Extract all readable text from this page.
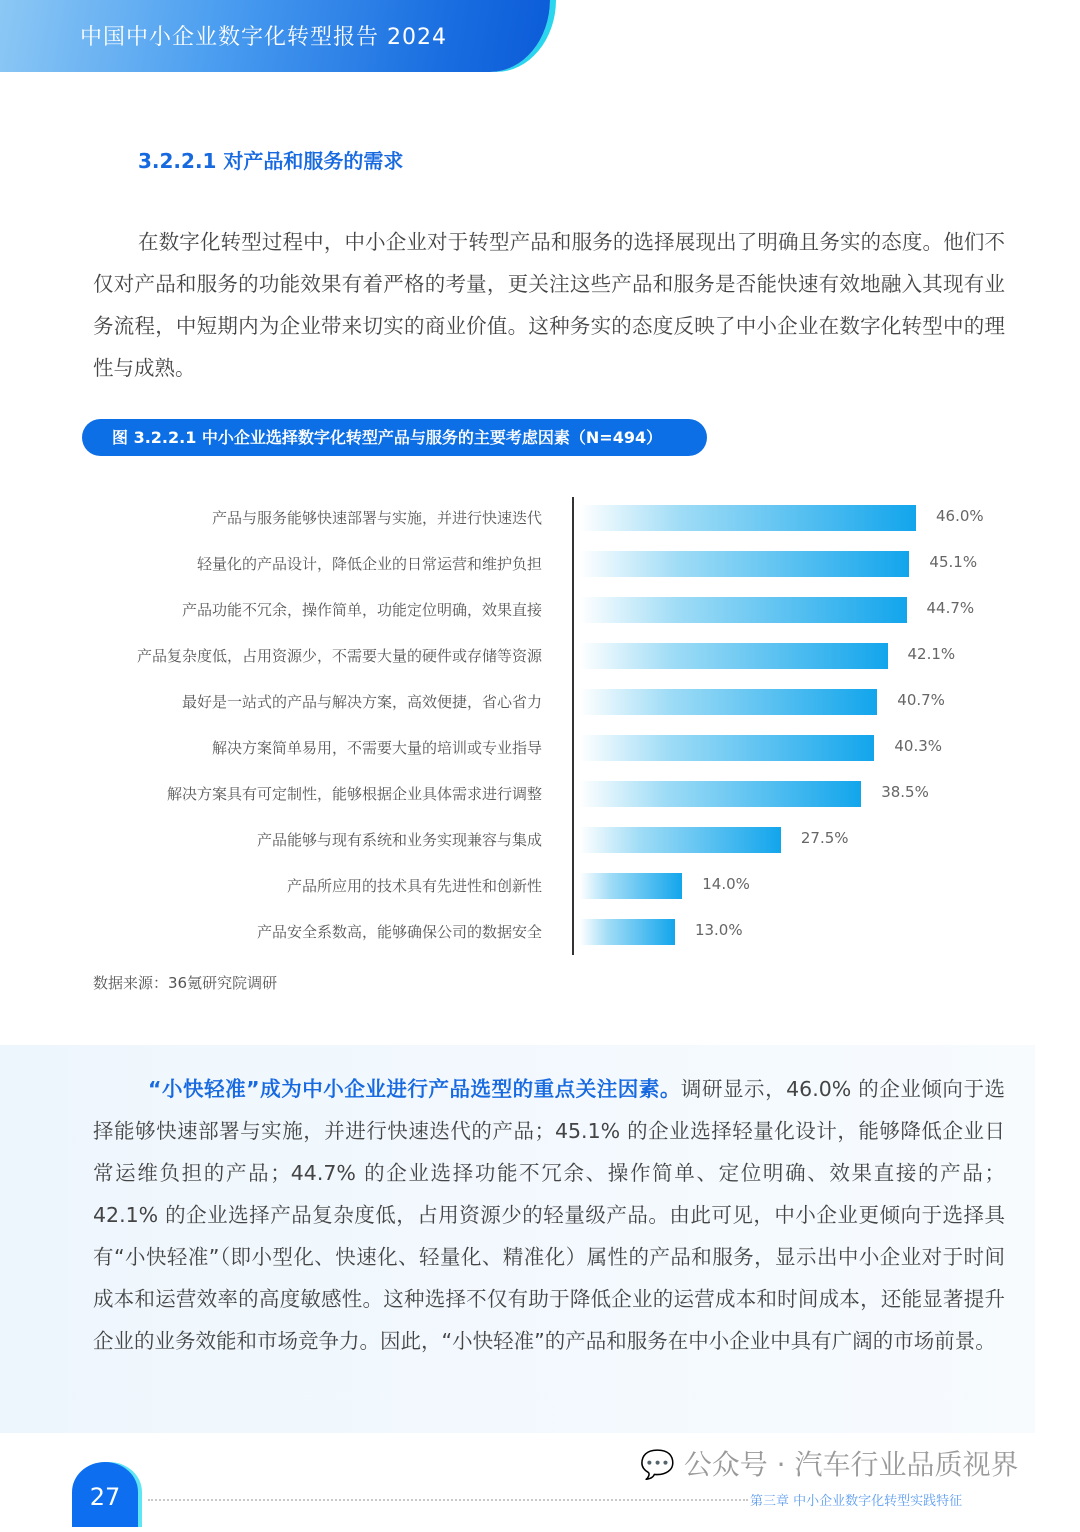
中国中小企业数字化转型报告 2024
3.2.2.1 对产品和服务的需求
在数字化转型过程中，中小企业对于转型产品和服务的选择展现出了明确且务实的态度。他们不仅对产品和服务的功能效果有着严格的考量，更关注这些产品和服务是否能快速有效地融入其现有业务流程，中短期内为企业带来切实的商业价值。这种务实的态度反映了中小企业在数字化转型中的理性与成熟。
图 3.2.2.1 中小企业选择数字化转型产品与服务的主要考虑因素（N=494）
产品与服务能够快速部署与实施，并进行快速迭代	46.0%
轻量化的产品设计，降低企业的日常运营和维护负担	45.1%
产品功能不冗余，操作简单，功能定位明确，效果直接	44.7%
产品复杂度低，占用资源少，不需要大量的硬件或存储等资源	42.1%
最好是一站式的产品与解决方案，高效便捷，省心省力	40.7%
解决方案简单易用，不需要大量的培训或专业指导	40.3%
解决方案具有可定制性，能够根据企业具体需求进行调整	38.5%
产品能够与现有系统和业务实现兼容与集成	27.5%
产品所应用的技术具有先进性和创新性	14.0%
产品安全系数高，能够确保公司的数据安全	13.0%
数据来源：36氪研究院调研
“小快轻准”成为中小企业进行产品选型的重点关注因素。调研显示，46.0% 的企业倾向于选择能够快速部署与实施，并进行快速迭代的产品；45.1% 的企业选择轻量化设计，能够降低企业日常运维负担的产品；44.7% 的企业选择功能不冗余、操作简单、定位明确、效果直接的产品；42.1% 的企业选择产品复杂度低，占用资源少的轻量级产品。由此可见，中小企业更倾向于选择具有“小快轻准”（即小型化、快速化、轻量化、精准化）属性的产品和服务，显示出中小企业对于时间成本和运营效率的高度敏感性。这种选择不仅有助于降低企业的运营成本和时间成本，还能显著提升企业的业务效能和市场竞争力。因此，“小快轻准”的产品和服务在中小企业中具有广阔的市场前景。
27
💬 公众号 · 汽车行业品质视界
第三章 中小企业数字化转型实践特征
